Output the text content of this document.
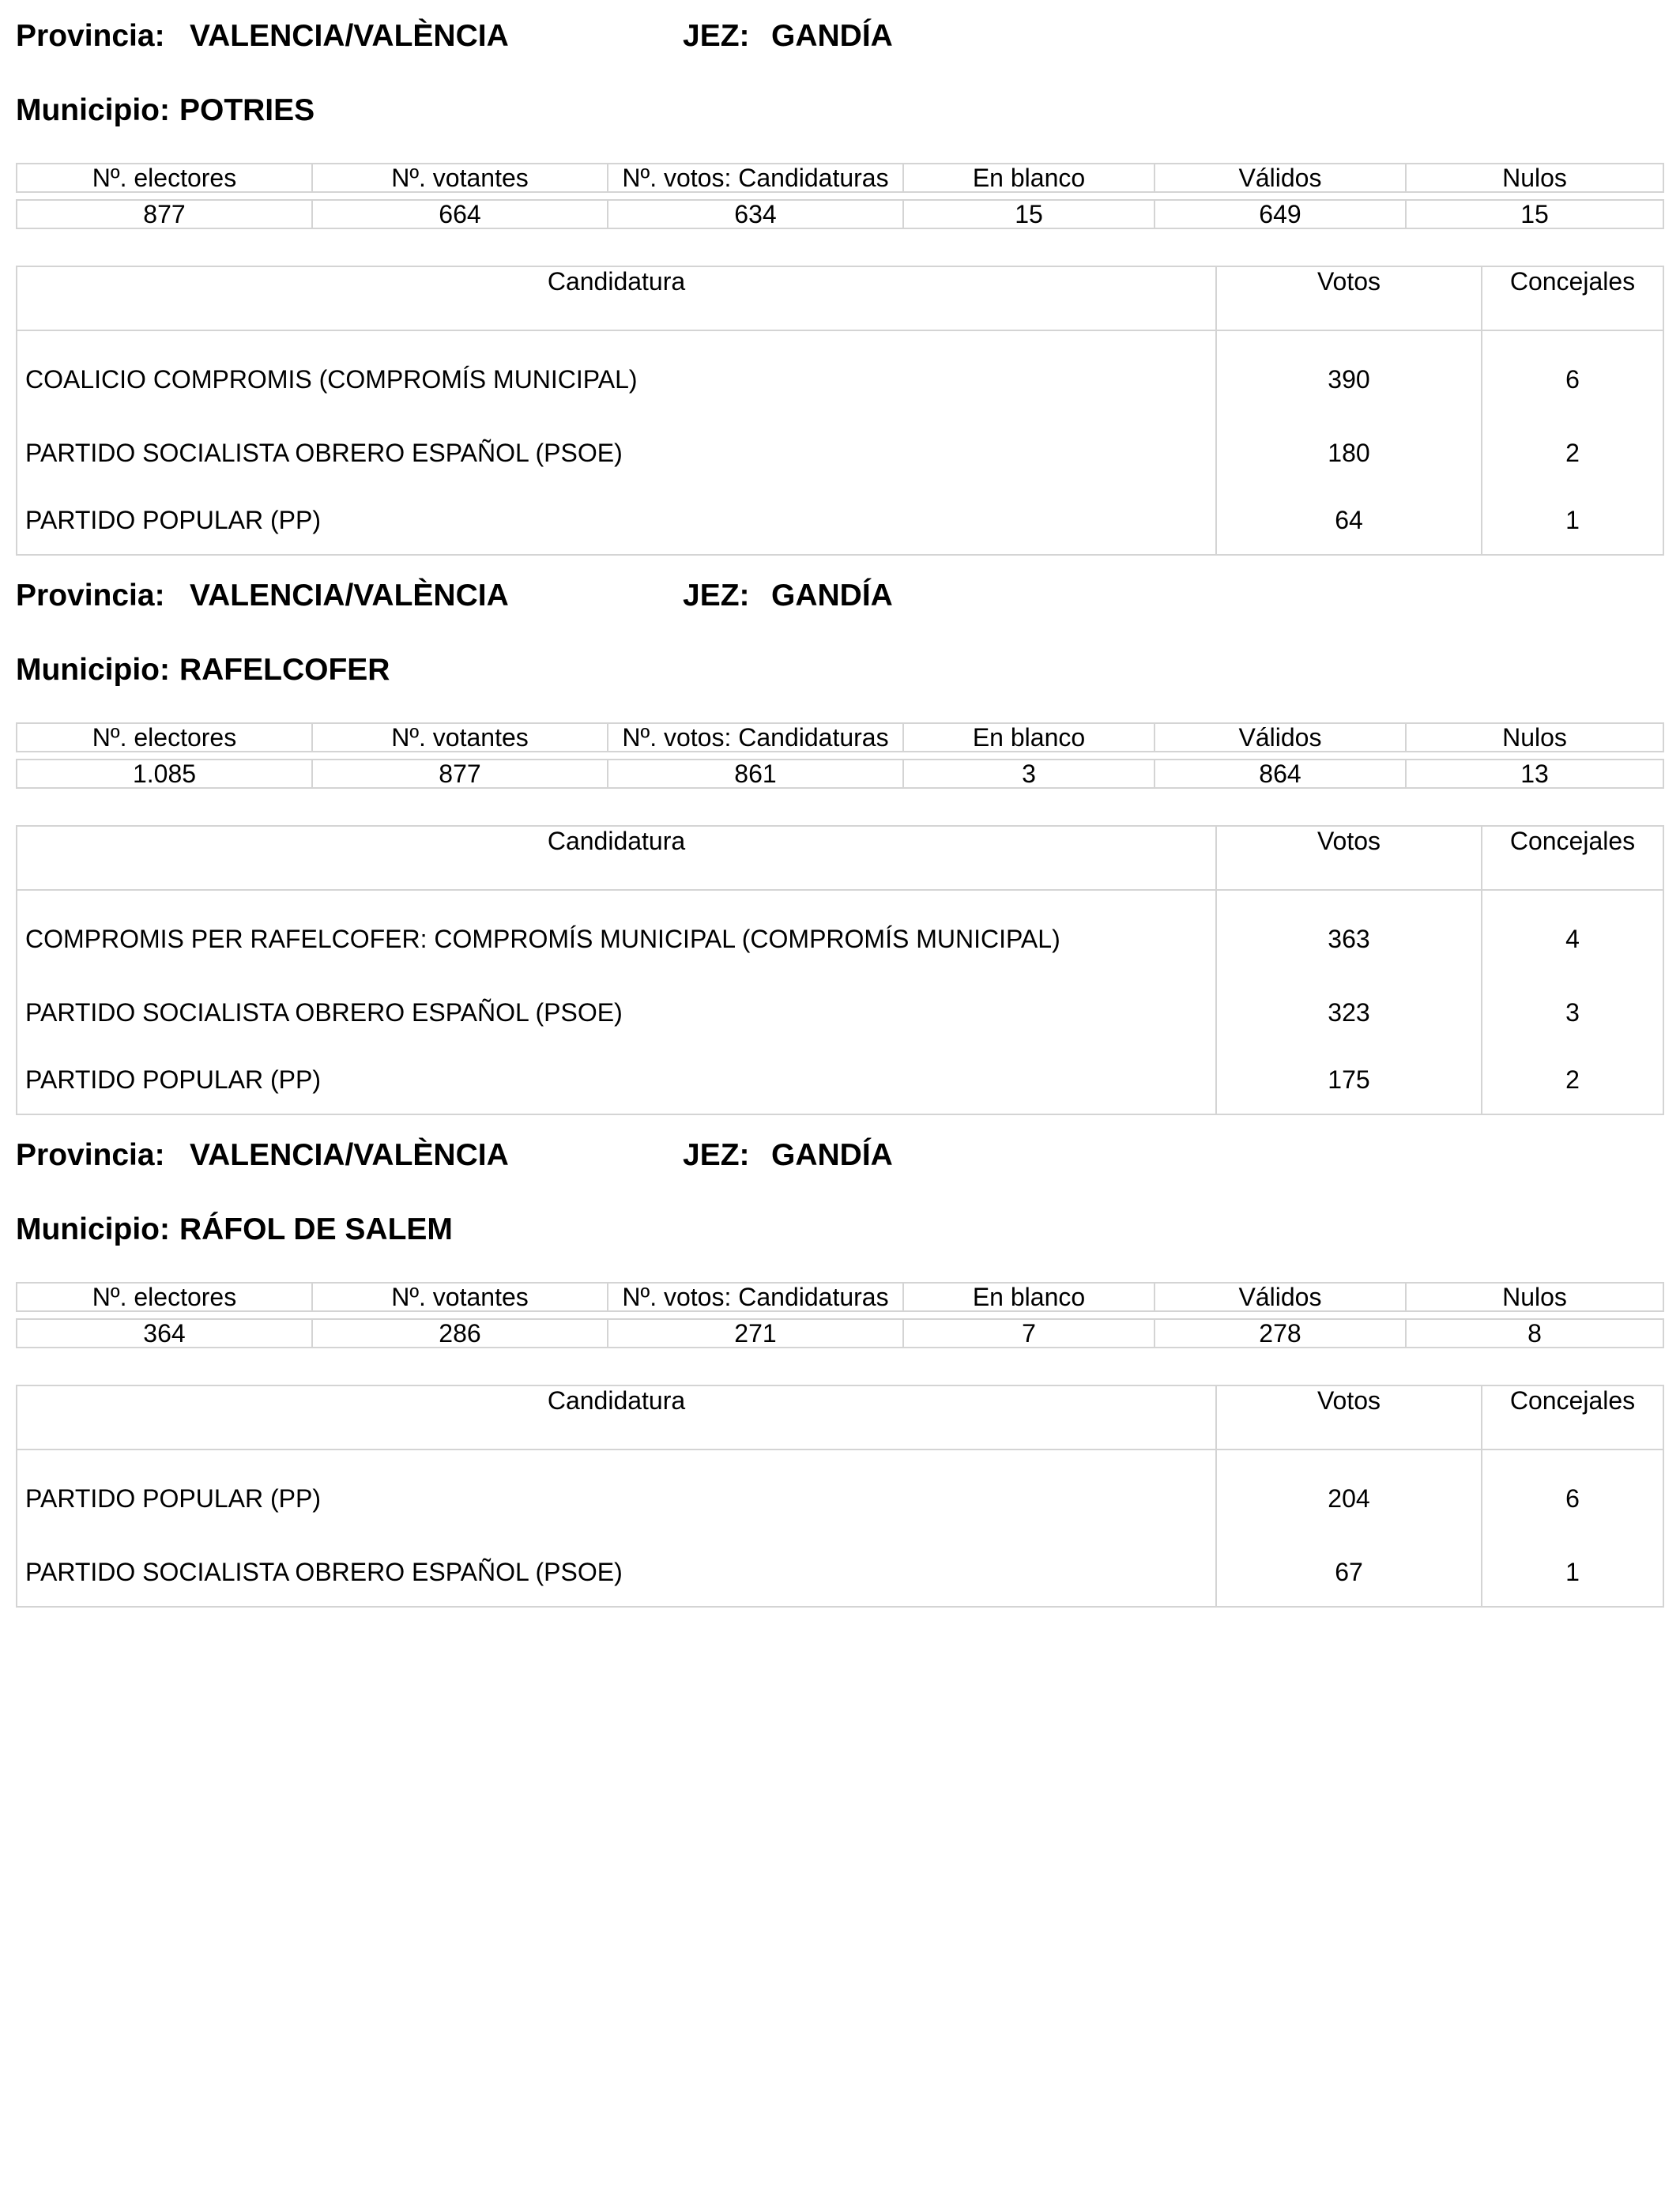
Provincia: VALENCIA/VALÈNCIA	JEZ: GANDÍA
Municipio: POTRIES
Nº. electores	Nº. votantes	Nº. votos: Candidaturas	En blanco	Válidos	Nulos

877	664	634	15	649	15
Candidatura	Votos	Concejales
COALICIO COMPROMIS (COMPROMÍS MUNICIPAL)	390	6
PARTIDO SOCIALISTA OBRERO ESPAÑOL (PSOE)	180	2
PARTIDO POPULAR (PP)	64	1
Provincia: VALENCIA/VALÈNCIA	JEZ: GANDÍA
Municipio: RAFELCOFER
Nº. electores	Nº. votantes	Nº. votos: Candidaturas	En blanco	Válidos	Nulos

1.085	877	861	3	864	13
Candidatura	Votos	Concejales
COMPROMIS PER RAFELCOFER: COMPROMÍS MUNICIPAL (COMPROMÍS MUNICIPAL)	363	4
PARTIDO SOCIALISTA OBRERO ESPAÑOL (PSOE)	323	3
PARTIDO POPULAR (PP)	175	2
Provincia: VALENCIA/VALÈNCIA	JEZ: GANDÍA
Municipio: RÁFOL DE SALEM
Nº. electores	Nº. votantes	Nº. votos: Candidaturas	En blanco	Válidos	Nulos

364	286	271	7	278	8
Candidatura	Votos	Concejales
PARTIDO POPULAR (PP)	204	6
PARTIDO SOCIALISTA OBRERO ESPAÑOL (PSOE)	67	1
